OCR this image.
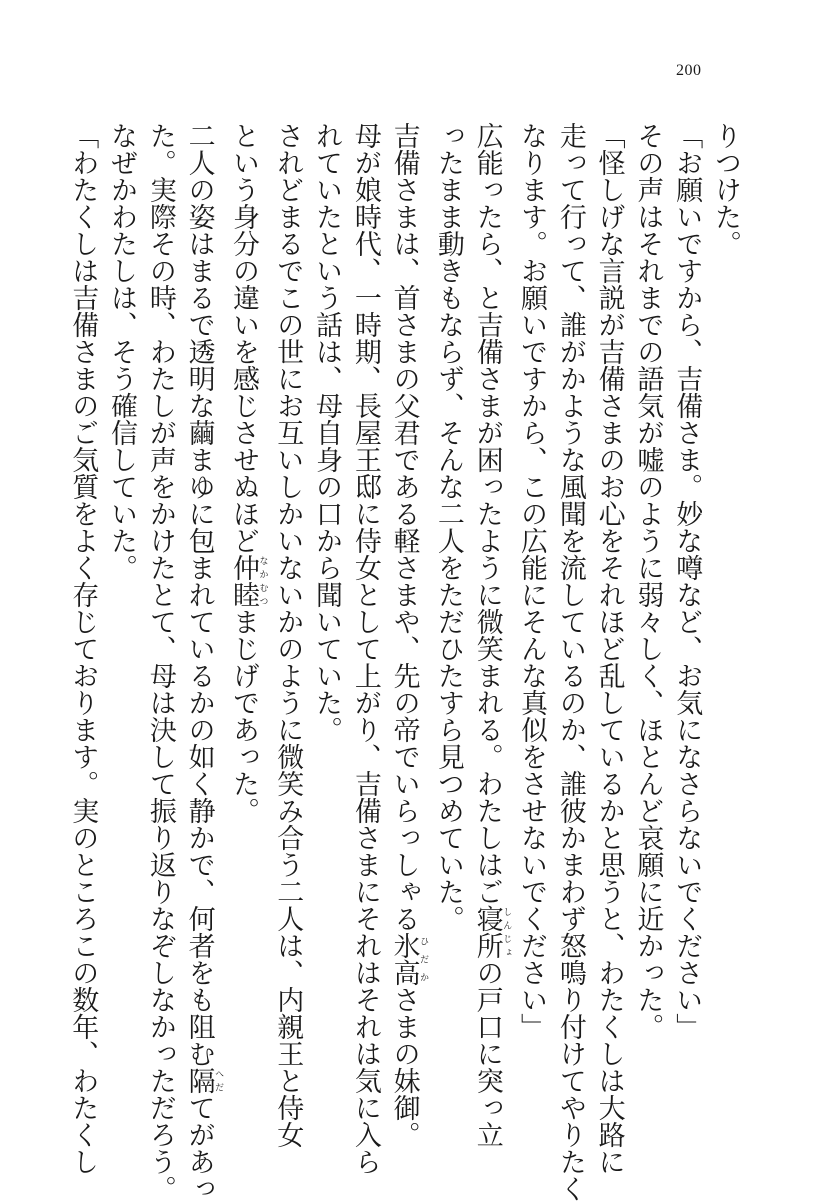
200
りつけた。
「お願いですから、吉備さま。妙な噂など、お気になさらないでください」
その声はそれまでの語気が嘘のように弱々しく、ほとんど哀願に近かった。
「怪しげな言説が吉備さまのお心をそれほど乱しているかと思うと、わたくしは大路に
走って行って、誰がかような風聞を流しているのか、誰彼かまわず怒鳴り付けてやりたく
なります。お願いですから、この広能にそんな真似をさせないでください」
広能ったら、と吉備さまが困ったように微笑まれる。わたしはご寝所しんじょの戸口に突っ立
ったまま動きもならず、そんな二人をただひたすら見つめていた。
吉備さまは、首さまの父君である軽さまや、先の帝でいらっしゃる氷高ひだかさまの妹御。
母が娘時代、一時期、長屋王邸に侍女として上がり、吉備さまにそれはそれは気に入ら
れていたという話は、母自身の口から聞いていた。
されどまるでこの世にお互いしかいないかのように微笑み合う二人は、内親王と侍女
という身分の違いを感じさせぬほど仲睦なかむつまじげであった。
二人の姿はまるで透明な繭まゆに包まれているかの如く静かで、何者をも阻む隔へだてがあっ
た。実際その時、わたしが声をかけたとて、母は決して振り返りなぞしなかっただろう。
なぜかわたしは、そう確信していた。
「わたくしは吉備さまのご気質をよく存じております。実のところこの数年、わたくし
